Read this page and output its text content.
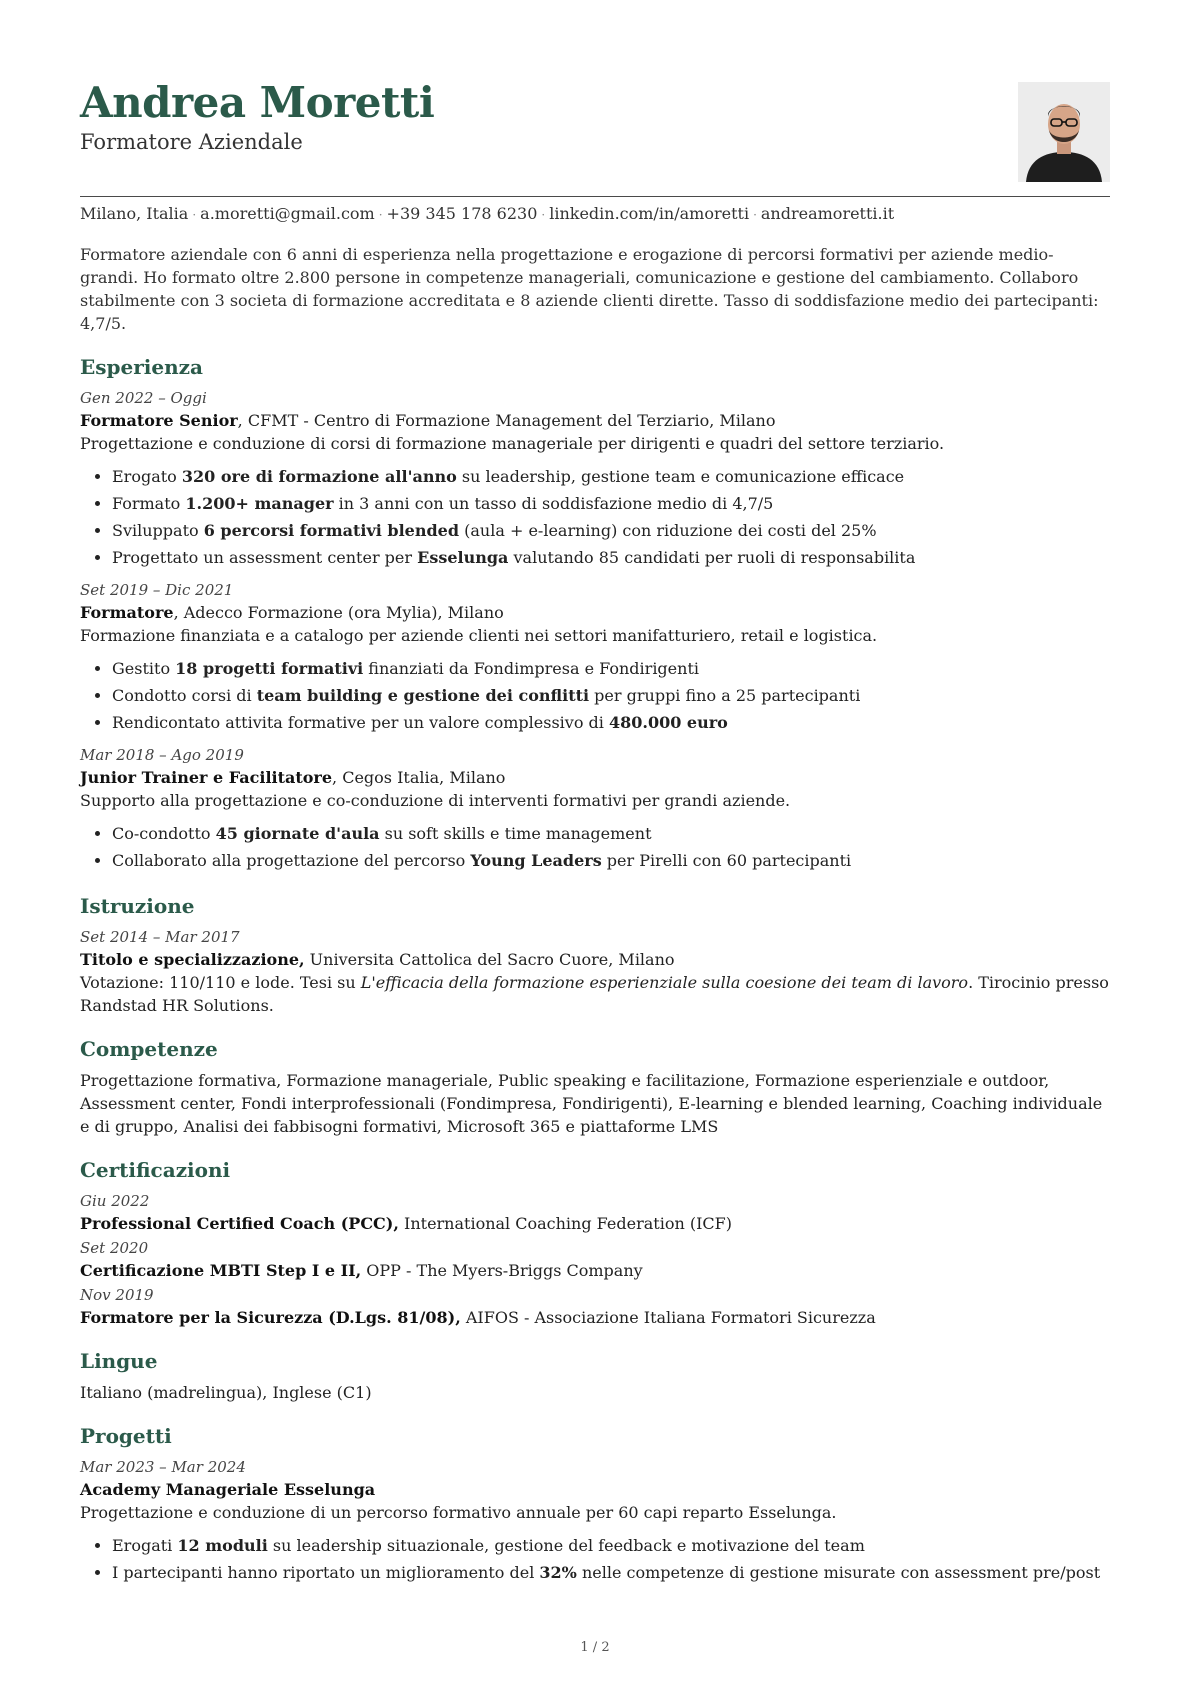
Andrea Moretti
Formatore Aziendale
Milano, Italia · a.moretti@gmail.com · +39 345 178 6230 · linkedin.com/in/amoretti · andreamoretti.it
Formatore aziendale con 6 anni di esperienza nella progettazione e erogazione di percorsi formativi per aziende medio-grandi. Ho formato oltre 2.800 persone in competenze manageriali, comunicazione e gestione del cambiamento. Collaboro stabilmente con 3 societa di formazione accreditata e 8 aziende clienti dirette. Tasso di soddisfazione medio dei partecipanti: 4,7/5.
Esperienza
Gen 2022 – Oggi
Formatore Senior, CFMT - Centro di Formazione Management del Terziario, Milano
Progettazione e conduzione di corsi di formazione manageriale per dirigenti e quadri del settore terziario.
• Erogato 320 ore di formazione all'anno su leadership, gestione team e comunicazione efficace
• Formato 1.200+ manager in 3 anni con un tasso di soddisfazione medio di 4,7/5
• Sviluppato 6 percorsi formativi blended (aula + e-learning) con riduzione dei costi del 25%
• Progettato un assessment center per Esselunga valutando 85 candidati per ruoli di responsabilita
Set 2019 – Dic 2021
Formatore, Adecco Formazione (ora Mylia), Milano
Formazione finanziata e a catalogo per aziende clienti nei settori manifatturiero, retail e logistica.
• Gestito 18 progetti formativi finanziati da Fondimpresa e Fondirigenti
• Condotto corsi di team building e gestione dei conflitti per gruppi fino a 25 partecipanti
• Rendicontato attivita formative per un valore complessivo di 480.000 euro
Mar 2018 – Ago 2019
Junior Trainer e Facilitatore, Cegos Italia, Milano
Supporto alla progettazione e co-conduzione di interventi formativi per grandi aziende.
• Co-condotto 45 giornate d'aula su soft skills e time management
• Collaborato alla progettazione del percorso Young Leaders per Pirelli con 60 partecipanti
Istruzione
Set 2014 – Mar 2017
Titolo e specializzazione, Universita Cattolica del Sacro Cuore, Milano
Votazione: 110/110 e lode. Tesi su L'efficacia della formazione esperienziale sulla coesione dei team di lavoro. Tirocinio presso Randstad HR Solutions.
Competenze
Progettazione formativa, Formazione manageriale, Public speaking e facilitazione, Formazione esperienziale e outdoor, Assessment center, Fondi interprofessionali (Fondimpresa, Fondirigenti), E-learning e blended learning, Coaching individuale e di gruppo, Analisi dei fabbisogni formativi, Microsoft 365 e piattaforme LMS
Certificazioni
Giu 2022
Professional Certified Coach (PCC), International Coaching Federation (ICF)
Set 2020
Certificazione MBTI Step I e II, OPP - The Myers-Briggs Company
Nov 2019
Formatore per la Sicurezza (D.Lgs. 81/08), AIFOS - Associazione Italiana Formatori Sicurezza
Lingue
Italiano (madrelingua), Inglese (C1)
Progetti
Mar 2023 – Mar 2024
Academy Manageriale Esselunga
Progettazione e conduzione di un percorso formativo annuale per 60 capi reparto Esselunga.
• Erogati 12 moduli su leadership situazionale, gestione del feedback e motivazione del team
• I partecipanti hanno riportato un miglioramento del 32% nelle competenze di gestione misurate con assessment pre/post
1 / 2
